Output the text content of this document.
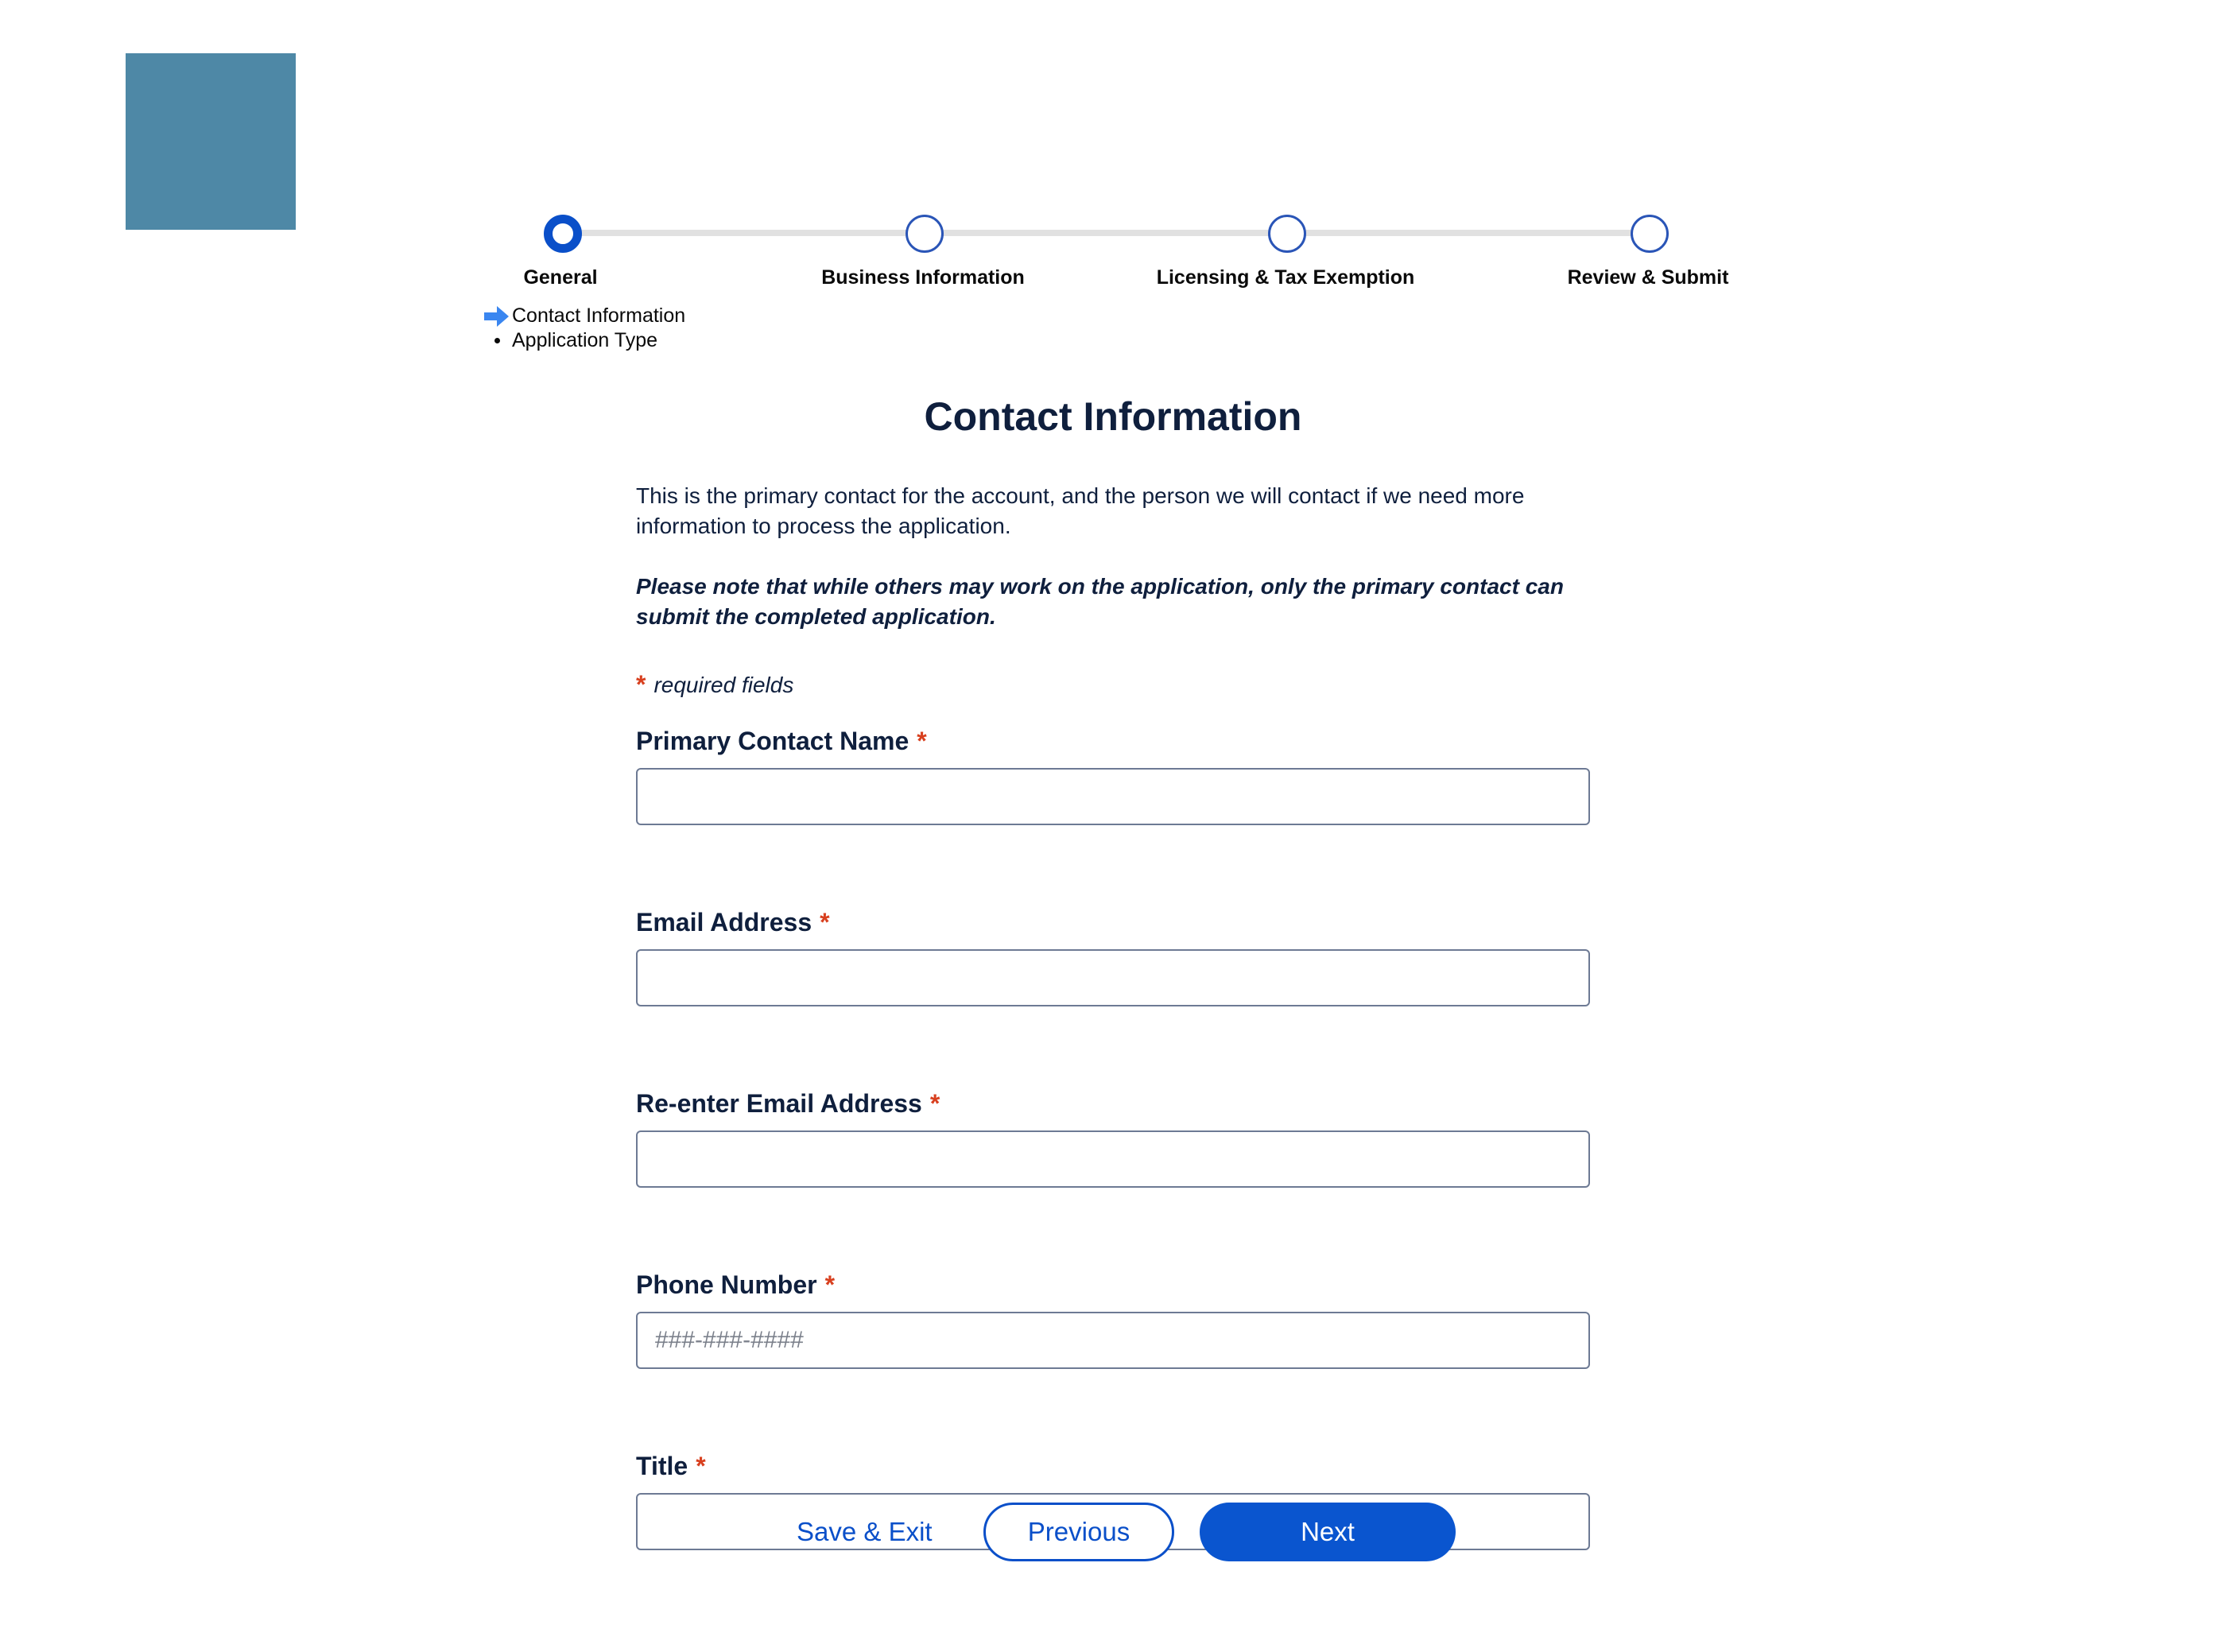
General	Business Information	Licensing & Tax Exemption	Review & Submit
Contact Information
Application Type
Contact Information

This is the primary contact for the account, and the person we will contact if we need more information to process the application.

Please note that while others may work on the application, only the primary contact can submit the completed application.

* required fields
Primary Contact Name *
Email Address *
Re-enter Email Address *
Phone Number *
###-###-####
Title *
Save & Exit	Previous	Next
